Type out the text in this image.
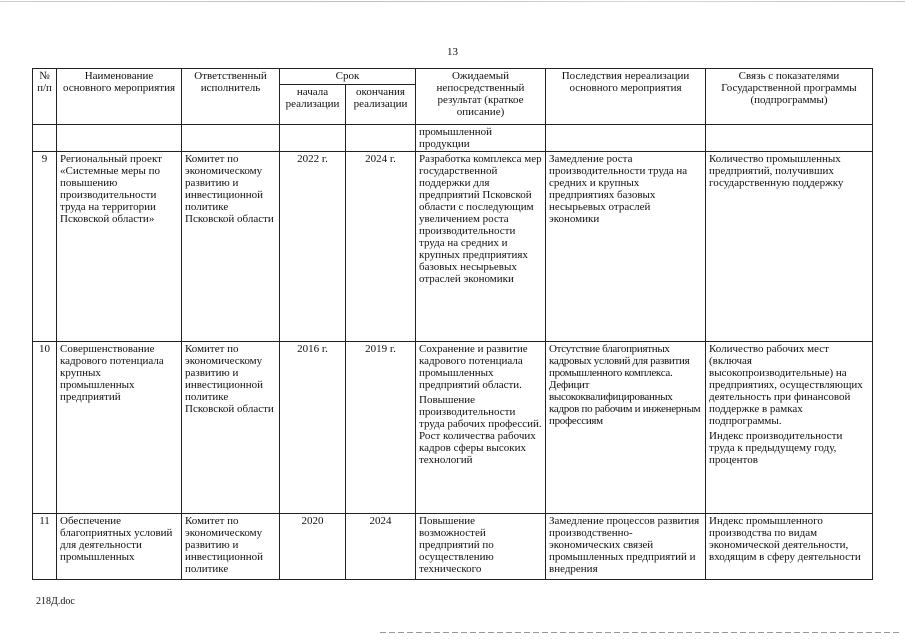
13
№ п/п	Наименование основного мероприятия	Ответственный исполнитель	Срок		Ожидаемый непосредственный результат (краткое описание)	Последствия нереализации основного мероприятия	Связь с показателями Государственной программы (подпрограммы)
			начала реализации	окончания реализации			

					промышленной продукции		

9	Региональный проект «Системные меры по повышению производительности труда на территории Псковской области»	Комитет по экономическому развитию и инвестиционной политике Псковской области	2022 г.	2024 г.	Разработка комплекса мер государственной поддержки для предприятий Псковской области с последующим увеличением роста производительности труда на средних и крупных предприятиях базовых несырьевых отраслей экономики	Замедление роста производительности труда на средних и крупных предприятиях базовых несырьевых отраслей экономики	Количество промышленных предприятий, получивших государственную поддержку

10	Совершенствование кадрового потенциала крупных промышленных предприятий	Комитет по экономическому развитию и инвестиционной политике Псковской области	2016 г.	2019 г.	Сохранение и развитие кадрового потенциала промышленных предприятий области.
Повышение производительности труда рабочих профессий. Рост количества рабочих кадров сферы высоких технологий	Отсутствие благоприятных кадровых условий для развития промышленного комплекса. Дефицит высококвалифицированных кадров по рабочим и инженерным профессиям	Количество рабочих мест (включая высокопроизводительные) на предприятиях, осуществляющих деятельность при финансовой поддержке в рамках подпрограммы.
Индекс производительности труда к предыдущему году, процентов

11	Обеспечение благоприятных условий для деятельности промышленных	Комитет по экономическому развитию и инвестиционной политике	2020	2024	Повышение возможностей предприятий по осуществлению технического	Замедление процессов развития производственно-экономических связей промышленных предприятий и внедрения	Индекс промышленного производства по видам экономической деятельности, входящим в сферу деятельности
218Д.doc
